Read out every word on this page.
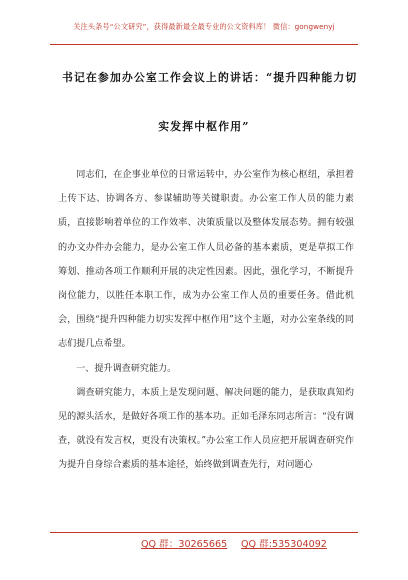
关注头条号“公文研究”，获得最新最全最专业的公文资料库！ 微信：gongwenyj
书记在参加办公室工作会议上的讲话：“提升四种能力切
实发挥中枢作用”

同志们，在企事业单位的日常运转中，办公室作为核心枢纽，承担着上传下达、协调各方、参谋辅助等关键职责。办公室工作人员的能力素质，直接影响着单位的工作效率、决策质量以及整体发展态势。拥有较强的办文办件办会能力，是办公室工作人员必备的基本素质，更是草拟工作筹划、推动各项工作顺利开展的决定性因素。因此，强化学习，不断提升岗位能力，以胜任本职工作，成为办公室工作人员的重要任务。借此机会，围绕“提升四种能力切实发挥中枢作用”这个主题，对办公室条线的同志们提几点希望。

一、提升调查研究能力。

调查研究能力，本质上是发现问题、解决问题的能力，是获取真知灼见的源头活水，是做好各项工作的基本功。正如毛泽东同志所言：“没有调查，就没有发言权，更没有决策权。”办公室工作人员应把开展调查研究作为提升自身综合素质的基本途径，始终做到调查先行，对问题心

QQ 群：30265665 QQ 群:535304092
